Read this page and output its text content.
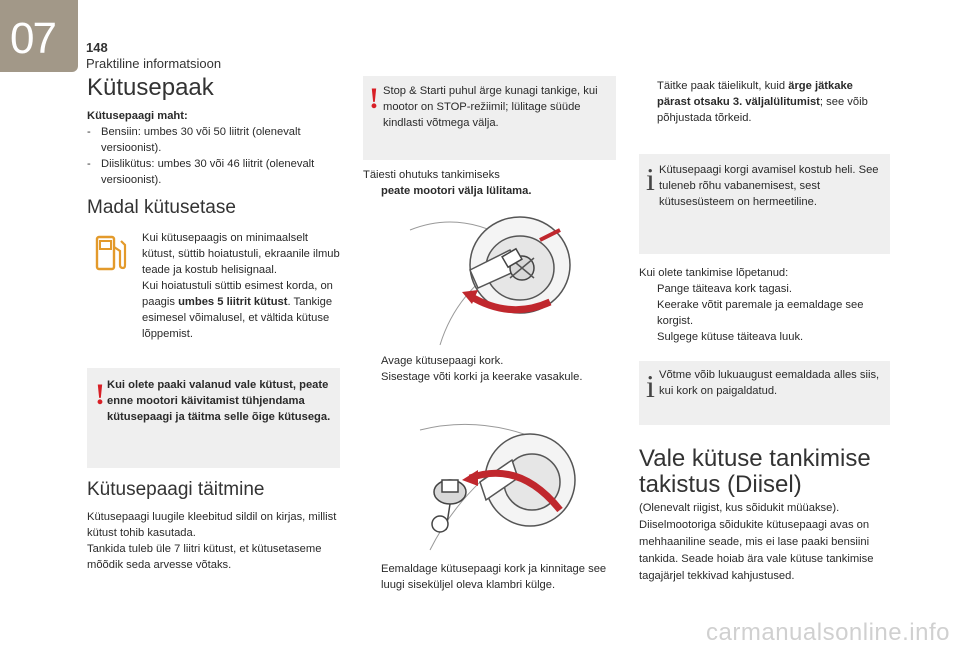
07 148
Praktiline informatsioon
Kütusepaak
Kütusepaagi maht:
- Bensiin: umbes 30 või 50 liitrit (olenevalt versioonist).
- Diislikütus: umbes 30 või 46 liitrit (olenevalt versioonist).
Madal kütusetase
Kui kütusepaagis on minimaalselt kütust, süttib hoiatustuli, ekraanile ilmub teade ja kostub helisignaal.
Kui hoiatustuli süttib esimest korda, on paagis umbes 5 liitrit kütust. Tankige esimesel võimalusel, et vältida kütuse lõppemist.
! Kui olete paaki valanud vale kütust, peate enne mootori käivitamist tühjendama kütusepaagi ja täitma selle õige kütusega.
Kütusepaagi täitmine
Kütusepaagi luugile kleebitud sildil on kirjas, millist kütust tohib kasutada.
Tankida tuleb üle 7 liitri kütust, et kütusetaseme mõõdik seda arvesse võtaks.
! Stop & Starti puhul ärge kunagi tankige, kui mootor on STOP-režiimil; lülitage süüde kindlasti võtmega välja.
Täiesti ohutuks tankimiseks
peate mootori välja lülitama.
Avage kütusepaagi kork.
Sisestage võti korki ja keerake vasakule.
Eemaldage kütusepaagi kork ja kinnitage see luugi siseküljel oleva klambri külge.
Täitke paak täielikult, kuid ärge jätkake pärast otsaku 3. väljalülitumist; see võib põhjustada tõrkeid.
i Kütusepaagi korgi avamisel kostub heli. See tuleneb rõhu vabanemisest, sest kütusesüsteem on hermeetiline.
Kui olete tankimise lõpetanud:
Pange täiteava kork tagasi.
Keerake võtit paremale ja eemaldage see korgist.
Sulgege kütuse täiteava luuk.
i Võtme võib lukuaugust eemaldada alles siis, kui kork on paigaldatud.
Vale kütuse tankimise
takistus (Diisel)
(Olenevalt riigist, kus sõidukit müüakse). Diiselmootoriga sõidukite kütusepaagi avas on mehhaaniline seade, mis ei lase paaki bensiini tankida. Seade hoiab ära vale kütuse tankimise tagajärjel tekkivad kahjustused.
carmanualsonline.info
